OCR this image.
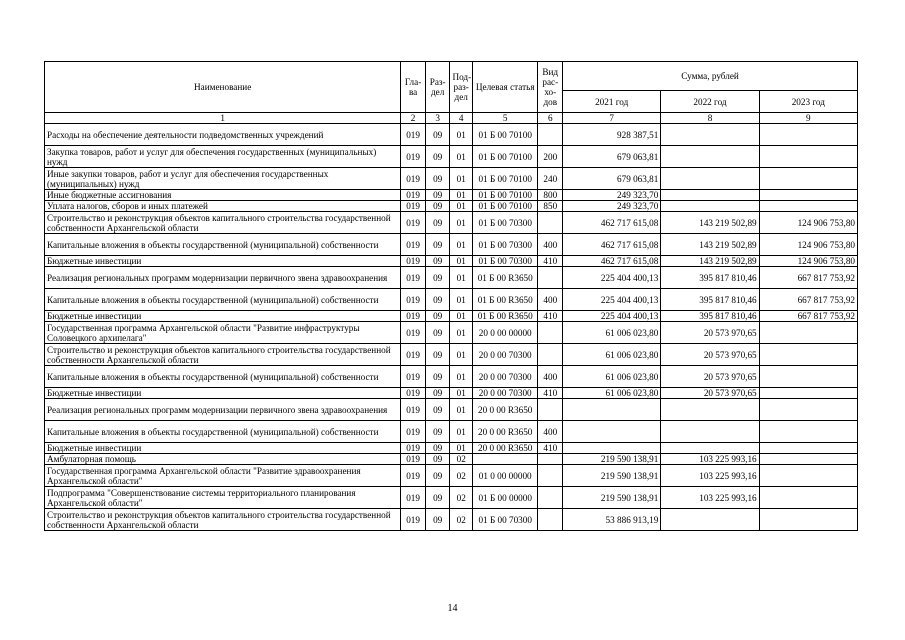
Наименование	Гла-ва	Раз-дел	Под-раз-дел	Целевая статья	Вид рас-хо-дов	Сумма, рублей		
						2021 год	2022 год	2023 год
1	2	3	4	5	6	7	8	9
Расходы на обеспечение деятельности подведомственных учреждений	019	09	01	01 Б 00 70100		928 387,51		
Закупка товаров, работ и услуг для обеспечения государственных (муниципальных) нужд	019	09	01	01 Б 00 70100	200	679 063,81		
Иные закупки товаров, работ и услуг для обеспечения государственных (муниципальных) нужд	019	09	01	01 Б 00 70100	240	679 063,81		
Иные бюджетные ассигнования	019	09	01	01 Б 00 70100	800	249 323,70		
Уплата налогов, сборов и иных платежей	019	09	01	01 Б 00 70100	850	249 323,70		
Строительство и реконструкция объектов капитального строительства государственной собственности Архангельской области	019	09	01	01 Б 00 70300		462 717 615,08	143 219 502,89	124 906 753,80
Капитальные вложения в объекты государственной (муниципальной) собственности	019	09	01	01 Б 00 70300	400	462 717 615,08	143 219 502,89	124 906 753,80
Бюджетные инвестиции	019	09	01	01 Б 00 70300	410	462 717 615,08	143 219 502,89	124 906 753,80
Реализация региональных программ модернизации первичного звена здравоохранения	019	09	01	01 Б 00 R3650		225 404 400,13	395 817 810,46	667 817 753,92
Капитальные вложения в объекты государственной (муниципальной) собственности	019	09	01	01 Б 00 R3650	400	225 404 400,13	395 817 810,46	667 817 753,92
Бюджетные инвестиции	019	09	01	01 Б 00 R3650	410	225 404 400,13	395 817 810,46	667 817 753,92
Государственная программа Архангельской области "Развитие инфраструктуры Соловецкого архипелага"	019	09	01	20 0 00 00000		61 006 023,80	20 573 970,65	
Строительство и реконструкция объектов капитального строительства государственной собственности Архангельской области	019	09	01	20 0 00 70300		61 006 023,80	20 573 970,65	
Капитальные вложения в объекты государственной (муниципальной) собственности	019	09	01	20 0 00 70300	400	61 006 023,80	20 573 970,65	
Бюджетные инвестиции	019	09	01	20 0 00 70300	410	61 006 023,80	20 573 970,65	
Реализация региональных программ модернизации первичного звена здравоохранения	019	09	01	20 0 00 R3650				
Капитальные вложения в объекты государственной (муниципальной) собственности	019	09	01	20 0 00 R3650	400			
Бюджетные инвестиции	019	09	01	20 0 00 R3650	410			
Амбулаторная помощь	019	09	02			219 590 138,91	103 225 993,16	
Государственная программа Архангельской области "Развитие здравоохранения Архангельской области"	019	09	02	01 0 00 00000		219 590 138,91	103 225 993,16	
Подпрограмма "Совершенствование системы территориального планирования Архангельской области"	019	09	02	01 Б 00 00000		219 590 138,91	103 225 993,16	
Строительство и реконструкция объектов капитального строительства государственной собственности Архангельской области	019	09	02	01 Б 00 70300		53 886 913,19		
14
